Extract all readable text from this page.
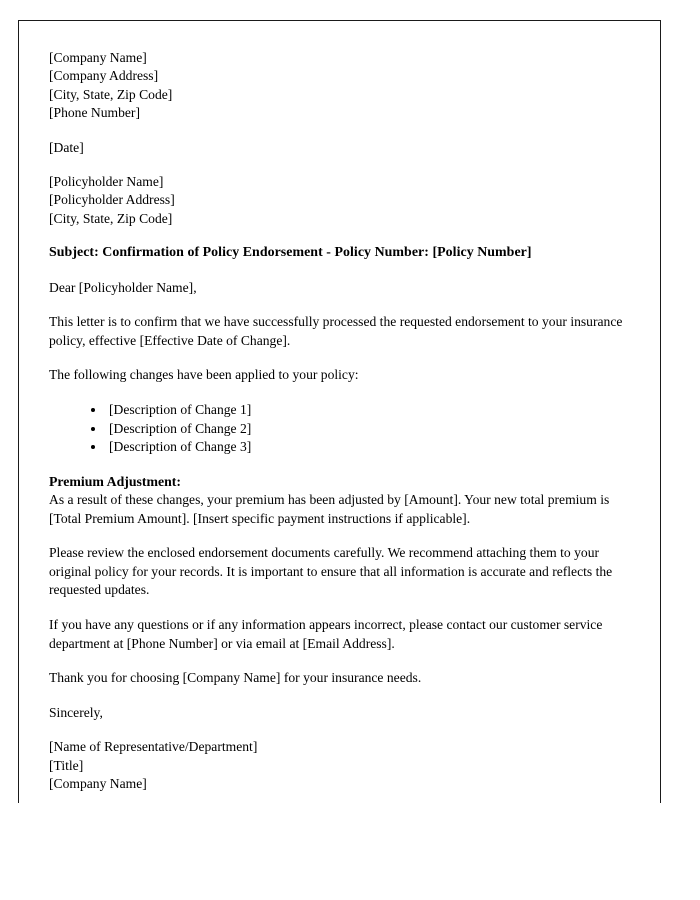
[Company Name]
[Company Address]
[City, State, Zip Code]
[Phone Number]
[Date]
[Policyholder Name]
[Policyholder Address]
[City, State, Zip Code]
Subject: Confirmation of Policy Endorsement - Policy Number: [Policy Number]
Dear [Policyholder Name],
This letter is to confirm that we have successfully processed the requested endorsement to your insurance policy, effective [Effective Date of Change].
The following changes have been applied to your policy:
• [Description of Change 1]
• [Description of Change 2]
• [Description of Change 3]
Premium Adjustment:
As a result of these changes, your premium has been adjusted by [Amount]. Your new total premium is [Total Premium Amount]. [Insert specific payment instructions if applicable].
Please review the enclosed endorsement documents carefully. We recommend attaching them to your original policy for your records. It is important to ensure that all information is accurate and reflects the requested updates.
If you have any questions or if any information appears incorrect, please contact our customer service department at [Phone Number] or via email at [Email Address].
Thank you for choosing [Company Name] for your insurance needs.
Sincerely,
[Name of Representative/Department]
[Title]
[Company Name]
